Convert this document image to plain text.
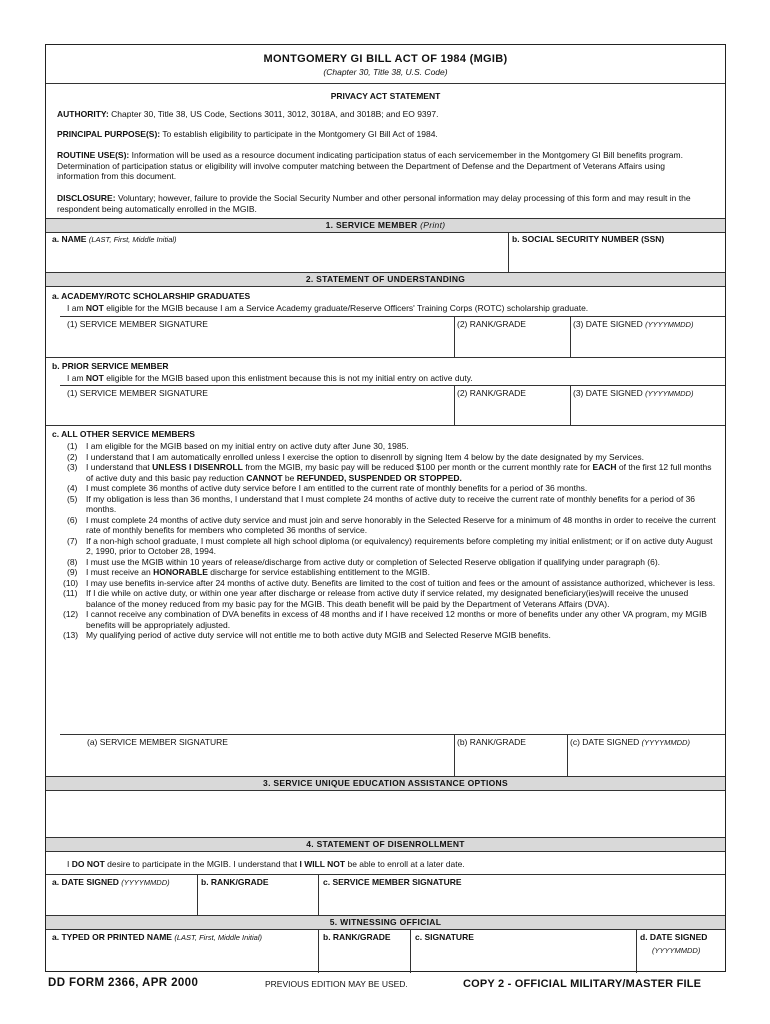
MONTGOMERY GI BILL ACT OF 1984 (MGIB)
(Chapter 30, Title 38, U.S. Code)
PRIVACY ACT STATEMENT
AUTHORITY: Chapter 30, Title 38, US Code, Sections 3011, 3012, 3018A, and 3018B; and EO 9397.
PRINCIPAL PURPOSE(S): To establish eligibility to participate in the Montgomery GI Bill Act of 1984.
ROUTINE USE(S): Information will be used as a resource document indicating participation status of each servicemember in the Montgomery GI Bill benefits program. Determination of participation status or eligibility will involve computer matching between the Department of Defense and the Department of Veterans Affairs using information from this document.
DISCLOSURE: Voluntary; however, failure to provide the Social Security Number and other personal information may delay processing of this form and may result in the respondent being automatically enrolled in the MGIB.
1. SERVICE MEMBER (Print)
a. NAME (LAST, First, Middle Initial)	b. SOCIAL SECURITY NUMBER (SSN)
2. STATEMENT OF UNDERSTANDING
a. ACADEMY/ROTC SCHOLARSHIP GRADUATES
I am NOT eligible for the MGIB because I am a Service Academy graduate/Reserve Officers' Training Corps (ROTC) scholarship graduate.
(1) SERVICE MEMBER SIGNATURE	(2) RANK/GRADE	(3) DATE SIGNED (YYYYMMDD)
b. PRIOR SERVICE MEMBER
I am NOT eligible for the MGIB based upon this enlistment because this is not my initial entry on active duty.
(1) SERVICE MEMBER SIGNATURE	(2) RANK/GRADE	(3) DATE SIGNED (YYYYMMDD)
c. ALL OTHER SERVICE MEMBERS
(1) I am eligible for the MGIB based on my initial entry on active duty after June 30, 1985.
(2) I understand that I am automatically enrolled unless I exercise the option to disenroll by signing Item 4 below by the date designated by my Services.
(3) I understand that UNLESS I DISENROLL from the MGIB, my basic pay will be reduced $100 per month or the current monthly rate for EACH of the first 12 full months of active duty and this basic pay reduction CANNOT be REFUNDED, SUSPENDED OR STOPPED.
(4) I must complete 36 months of active duty service before I am entitled to the current rate of monthly benefits for a period of 36 months.
(5) If my obligation is less than 36 months, I understand that I must complete 24 months of active duty to receive the current rate of monthly benefits for a period of 36 months.
(6) I must complete 24 months of active duty service and must join and serve honorably in the Selected Reserve for a minimum of 48 months in order to receive the current rate of monthly benefits for members who completed 36 months of service.
(7) If a non-high school graduate, I must complete all high school diploma (or equivalency) requirements before completing my initial enlistment; or if on active duty August 2, 1990, prior to October 28, 1994.
(8) I must use the MGIB within 10 years of release/discharge from active duty or completion of Selected Reserve obligation if qualifying under paragraph (6).
(9) I must receive an HONORABLE discharge for service establishing entitlement to the MGIB.
(10) I may use benefits in-service after 24 months of active duty. Benefits are limited to the cost of tuition and fees or the amount of assistance authorized, whichever is less.
(11) If I die while on active duty, or within one year after discharge or release from active duty if service related, my designated beneficiary(ies)will receive the unused balance of the money reduced from my basic pay for the MGIB. This death benefit will be paid by the Department of Veterans Affairs (DVA).
(12) I cannot receive any combination of DVA benefits in excess of 48 months and if I have received 12 months or more of benefits under any other VA program, my MGIB benefits will be appropriately adjusted.
(13) My qualifying period of active duty service will not entitle me to both active duty MGIB and Selected Reserve MGIB benefits.
(a) SERVICE MEMBER SIGNATURE	(b) RANK/GRADE	(c) DATE SIGNED (YYYYMMDD)
3. SERVICE UNIQUE EDUCATION ASSISTANCE OPTIONS
4. STATEMENT OF DISENROLLMENT
I DO NOT desire to participate in the MGIB. I understand that I WILL NOT be able to enroll at a later date.
a. DATE SIGNED (YYYYMMDD)	b. RANK/GRADE	c. SERVICE MEMBER SIGNATURE
5. WITNESSING OFFICIAL
a. TYPED OR PRINTED NAME (LAST, First, Middle Initial)	b. RANK/GRADE	c. SIGNATURE	d. DATE SIGNED
(YYYYMMDD)
DD FORM 2366, APR 2000	PREVIOUS EDITION MAY BE USED.	COPY 2 - OFFICIAL MILITARY/MASTER FILE
